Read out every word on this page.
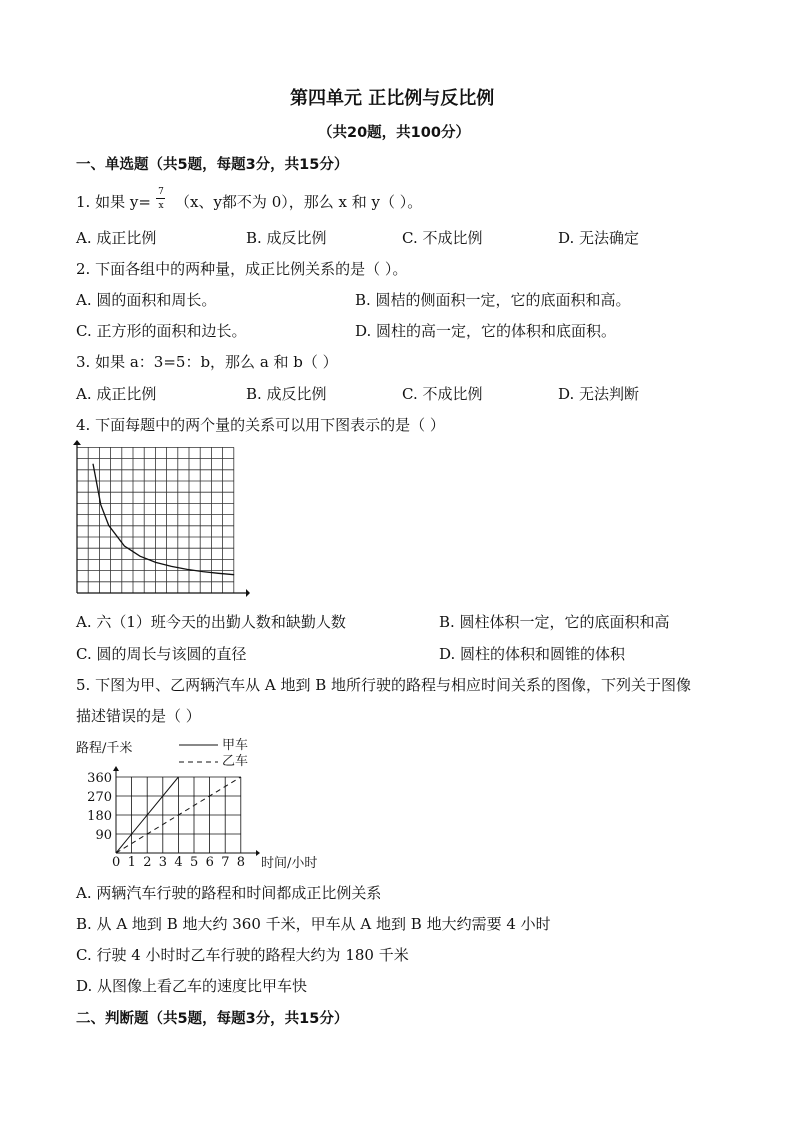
第四单元 正比例与反比例
（共20题，共100分）
一、单选题（共5题，每题3分，共15分）
1. 如果 y=
7
x （x、y都不为 0），那么 x 和 y（ ）。
A. 成正比例	B. 成反比例	C. 不成比例	D. 无法确定
2. 下面各组中的两种量，成正比例关系的是（ ）。
A. 圆的面积和周长。	B. 圆桔的侧面积一定，它的底面积和高。
C. 正方形的面积和边长。	D. 圆柱的高一定，它的体积和底面积。
3. 如果 a：3=5：b，那么 a 和 b（ ）
A. 成正比例	B. 成反比例	C. 不成比例	D. 无法判断
4. 下面每题中的两个量的关系可以用下图表示的是（ ）
A. 六（1）班今天的出勤人数和缺勤人数	B. 圆柱体积一定，它的底面积和高
C. 圆的周长与该圆的直径	D. 圆柱的体积和圆锥的体积
5. 下图为甲、乙两辆汽车从 A 地到 B 地所行驶的路程与相应时间关系的图像，下列关于图像
描述错误的是（ ）
路程/千米	甲车
乙车
0 1 2 3 4 5 6 7 8
90
180
270
360
时间/小时
A. 两辆汽车行驶的路程和时间都成正比例关系
B. 从 A 地到 B 地大约 360 千米，甲车从 A 地到 B 地大约需要 4 小时
C. 行驶 4 小时时乙车行驶的路程大约为 180 千米
D. 从图像上看乙车的速度比甲车快
二、判断题（共5题，每题3分，共15分）
